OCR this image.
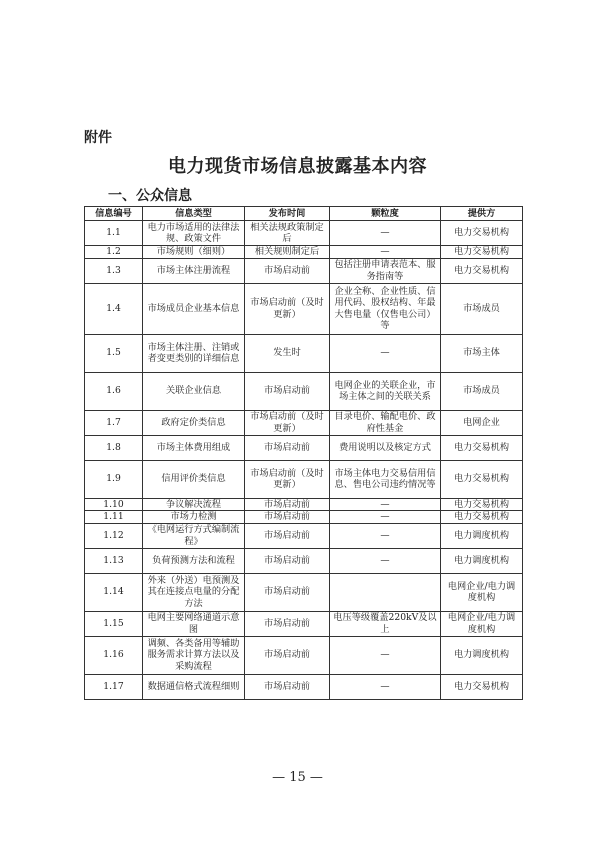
附件
电力现货市场信息披露基本内容
一、公众信息
信息编号	信息类型	发布时间	颗粒度	提供方
1.1	电力市场适用的法律法规、政策文件	相关法规政策制定后	—	电力交易机构
1.2	市场规则（细则）	相关规则制定后	—	电力交易机构
1.3	市场主体注册流程	市场启动前	包括注册申请表范本、服务指南等	电力交易机构
1.4	市场成员企业基本信息	市场启动前（及时更新）	企业全称、企业性质、信用代码、股权结构、年最大售电量（仅售电公司）等	市场成员
1.5	市场主体注册、注销或者变更类别的详细信息	发生时	—	市场主体
1.6	关联企业信息	市场启动前	电网企业的关联企业，市场主体之间的关联关系	市场成员
1.7	政府定价类信息	市场启动前（及时更新）	目录电价、输配电价、政府性基金	电网企业
1.8	市场主体费用组成	市场启动前	费用说明以及核定方式	电力交易机构
1.9	信用评价类信息	市场启动前（及时更新）	市场主体电力交易信用信息、售电公司违约情况等	电力交易机构
1.10	争议解决流程	市场启动前	—	电力交易机构
1.11	市场力检测	市场启动前	—	电力交易机构
1.12	《电网运行方式编制流程》	市场启动前	—	电力调度机构
1.13	负荷预测方法和流程	市场启动前	—	电力调度机构
1.14	外来（外送）电预测及其在连接点电量的分配方法	市场启动前		电网企业/电力调度机构
1.15	电网主要网络通道示意图	市场启动前	电压等级覆盖220kV及以上	电网企业/电力调度机构
1.16	调频、各类备用等辅助服务需求计算方法以及采购流程	市场启动前	—	电力调度机构
1.17	数据通信格式流程细则	市场启动前	—	电力交易机构
— 15 —
